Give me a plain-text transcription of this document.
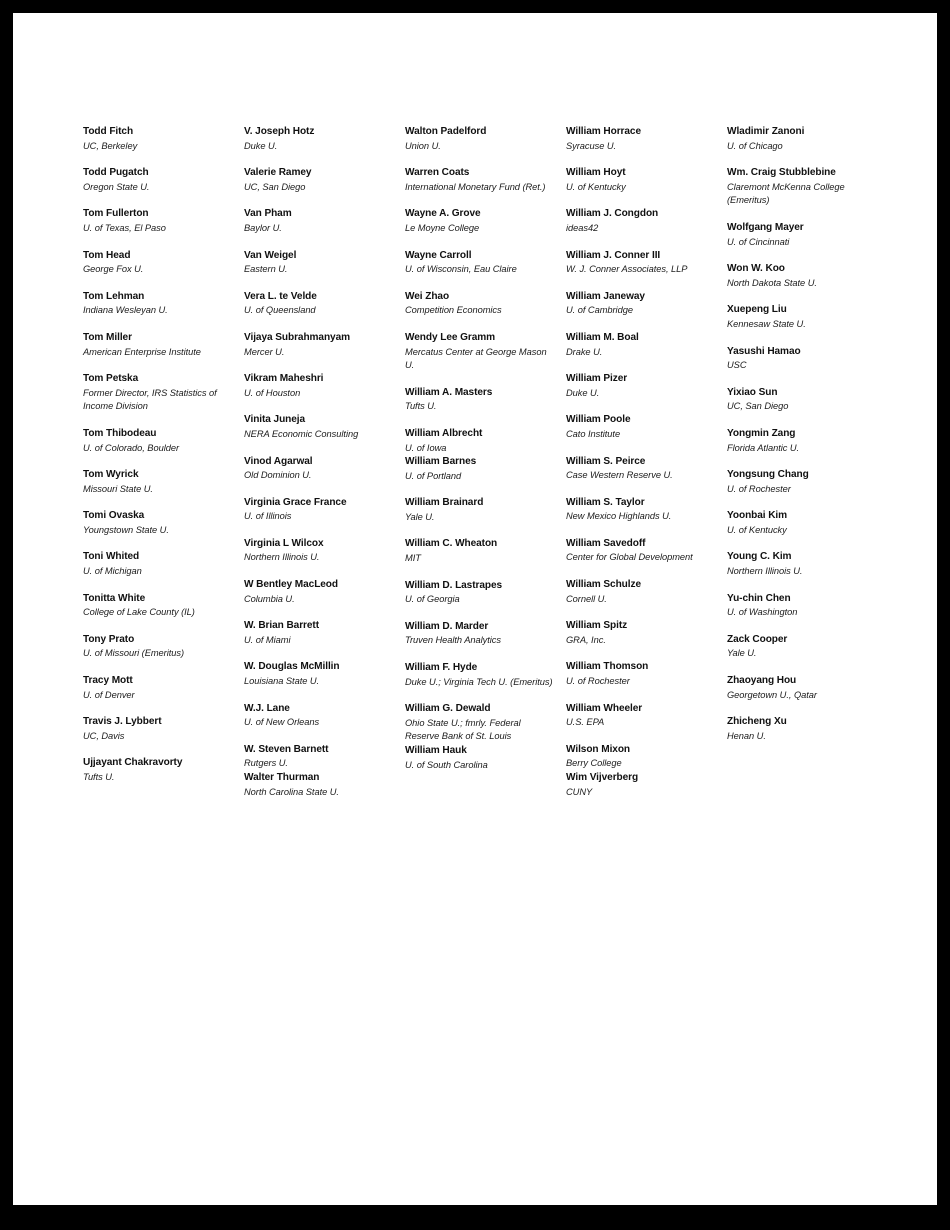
Todd Fitch
UC, Berkeley
Todd Pugatch
Oregon State U.
Tom Fullerton
U. of Texas, El Paso
Tom Head
George Fox U.
Tom Lehman
Indiana Wesleyan U.
Tom Miller
American Enterprise Institute
Tom Petska
Former Director, IRS Statistics of Income Division
Tom Thibodeau
U. of Colorado, Boulder
Tom Wyrick
Missouri State U.
Tomi Ovaska
Youngstown State U.
Toni Whited
U. of Michigan
Tonitta White
College of Lake County (IL)
Tony Prato
U. of Missouri (Emeritus)
Tracy Mott
U. of Denver
Travis J. Lybbert
UC, Davis
Ujjayant Chakravorty
Tufts U.
V. Joseph Hotz
Duke U.
Valerie Ramey
UC, San Diego
Van Pham
Baylor U.
Van Weigel
Eastern U.
Vera L. te Velde
U. of Queensland
Vijaya Subrahmanyam
Mercer U.
Vikram Maheshri
U. of Houston
Vinita Juneja
NERA Economic Consulting
Vinod Agarwal
Old Dominion U.
Virginia Grace France
U. of Illinois
Virginia L Wilcox
Northern Illinois U.
W Bentley MacLeod
Columbia U.
W. Brian Barrett
U. of Miami
W. Douglas McMillin
Louisiana State U.
W.J. Lane
U. of New Orleans
W. Steven Barnett
Rutgers U.
Walter Thurman
North Carolina State U.
Walton Padelford
Union U.
Warren Coats
International Monetary Fund (Ret.)
Wayne A. Grove
Le Moyne College
Wayne Carroll
U. of Wisconsin, Eau Claire
Wei Zhao
Competition Economics
Wendy Lee Gramm
Mercatus Center at George Mason U.
William A. Masters
Tufts U.
William Albrecht
U. of Iowa
William Barnes
U. of Portland
William Brainard
Yale U.
William C. Wheaton
MIT
William D. Lastrapes
U. of Georgia
William D. Marder
Truven Health Analytics
William F. Hyde
Duke U.; Virginia Tech U. (Emeritus)
William G. Dewald
Ohio State U.; fmrly. Federal Reserve Bank of St. Louis
William Hauk
U. of South Carolina
William Horrace
Syracuse U.
William Hoyt
U. of Kentucky
William J. Congdon
ideas42
William J. Conner III
W. J. Conner Associates, LLP
William Janeway
U. of Cambridge
William M. Boal
Drake U.
William Pizer
Duke U.
William Poole
Cato Institute
William S. Peirce
Case Western Reserve U.
William S. Taylor
New Mexico Highlands U.
William Savedoff
Center for Global Development
William Schulze
Cornell U.
William Spitz
GRA, Inc.
William Thomson
U. of Rochester
William Wheeler
U.S. EPA
Wilson Mixon
Berry College
Wim Vijverberg
CUNY
Wladimir Zanoni
U. of Chicago
Wm. Craig Stubblebine
Claremont McKenna College (Emeritus)
Wolfgang Mayer
U. of Cincinnati
Won W. Koo
North Dakota State U.
Xuepeng Liu
Kennesaw State U.
Yasushi Hamao
USC
Yixiao Sun
UC, San Diego
Yongmin Zang
Florida Atlantic U.
Yongsung Chang
U. of Rochester
Yoonbai Kim
U. of Kentucky
Young C. Kim
Northern Illinois U.
Yu-chin Chen
U. of Washington
Zack Cooper
Yale U.
Zhaoyang Hou
Georgetown U., Qatar
Zhicheng Xu
Henan U.
